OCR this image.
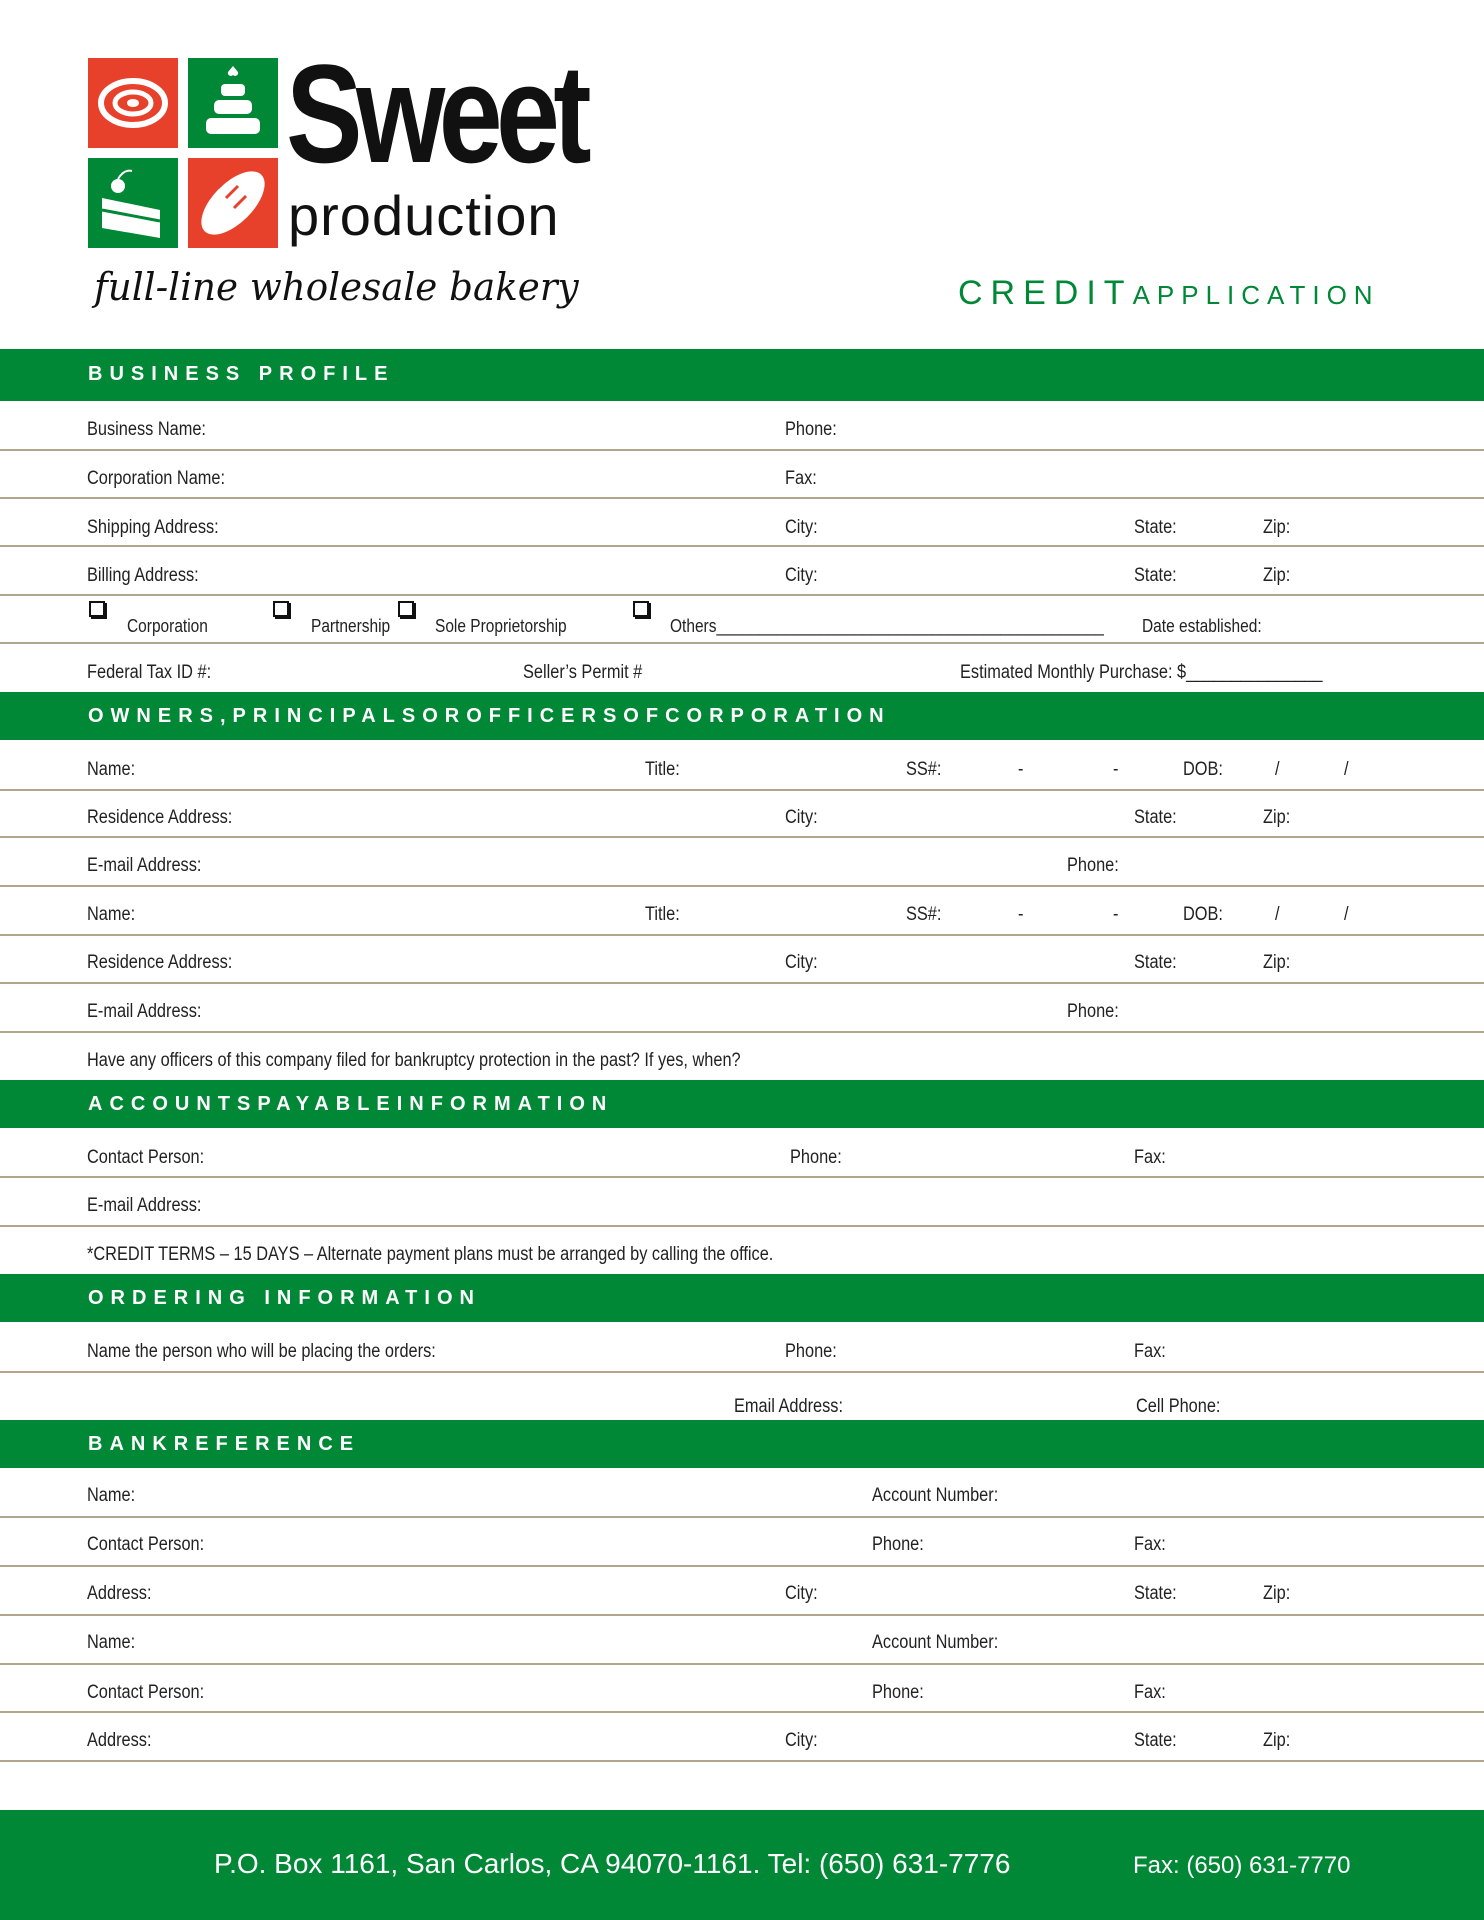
Sweet
production
full-line wholesale bakery	CREDITAPPLICATION
BUSINESS PROFILE
Business Name:	Phone:
Corporation Name:	Fax:
Shipping Address:	City:	State:	Zip:
Billing Address:	City:	State:	Zip:
Corporation	Partnership Sole Proprietorship	Others_____________________________________________ Date established:
Federal Tax ID #:	Seller’s Permit #	Estimated Monthly Purchase: $_______________
OWNERS,PRINCIPALSOROFFICERSOFCORPORATION
Name:	Title:	SS#:	-	-	DOB:	/	/
Residence Address:	City:	State:	Zip:
E-mail Address:	Phone:
Name:	Title:	SS#:	-	-	DOB:	/	/
Residence Address:	City:	State:	Zip:
E-mail Address:	Phone:
Have any officers of this company filed for bankruptcy protection in the past? If yes, when?
ACCOUNTSPAYABLEINFORMATION
Contact Person:	Phone:	Fax:
E-mail Address:
*CREDIT TERMS – 15 DAYS – Alternate payment plans must be arranged by calling the office.
ORDERING INFORMATION
Name the person who will be placing the orders:	Phone:	Fax:
Email Address:	Cell Phone:
BANKREFERENCE
Name:	Account Number:
Contact Person:	Phone:	Fax:
Address:	City:	State:	Zip:
Name:	Account Number:
Contact Person:	Phone:	Fax:
Address:	City:	State:	Zip:
P.O. Box 1161, San Carlos, CA 94070-1161. Tel: (650) 631-7776	Fax: (650) 631-7770
